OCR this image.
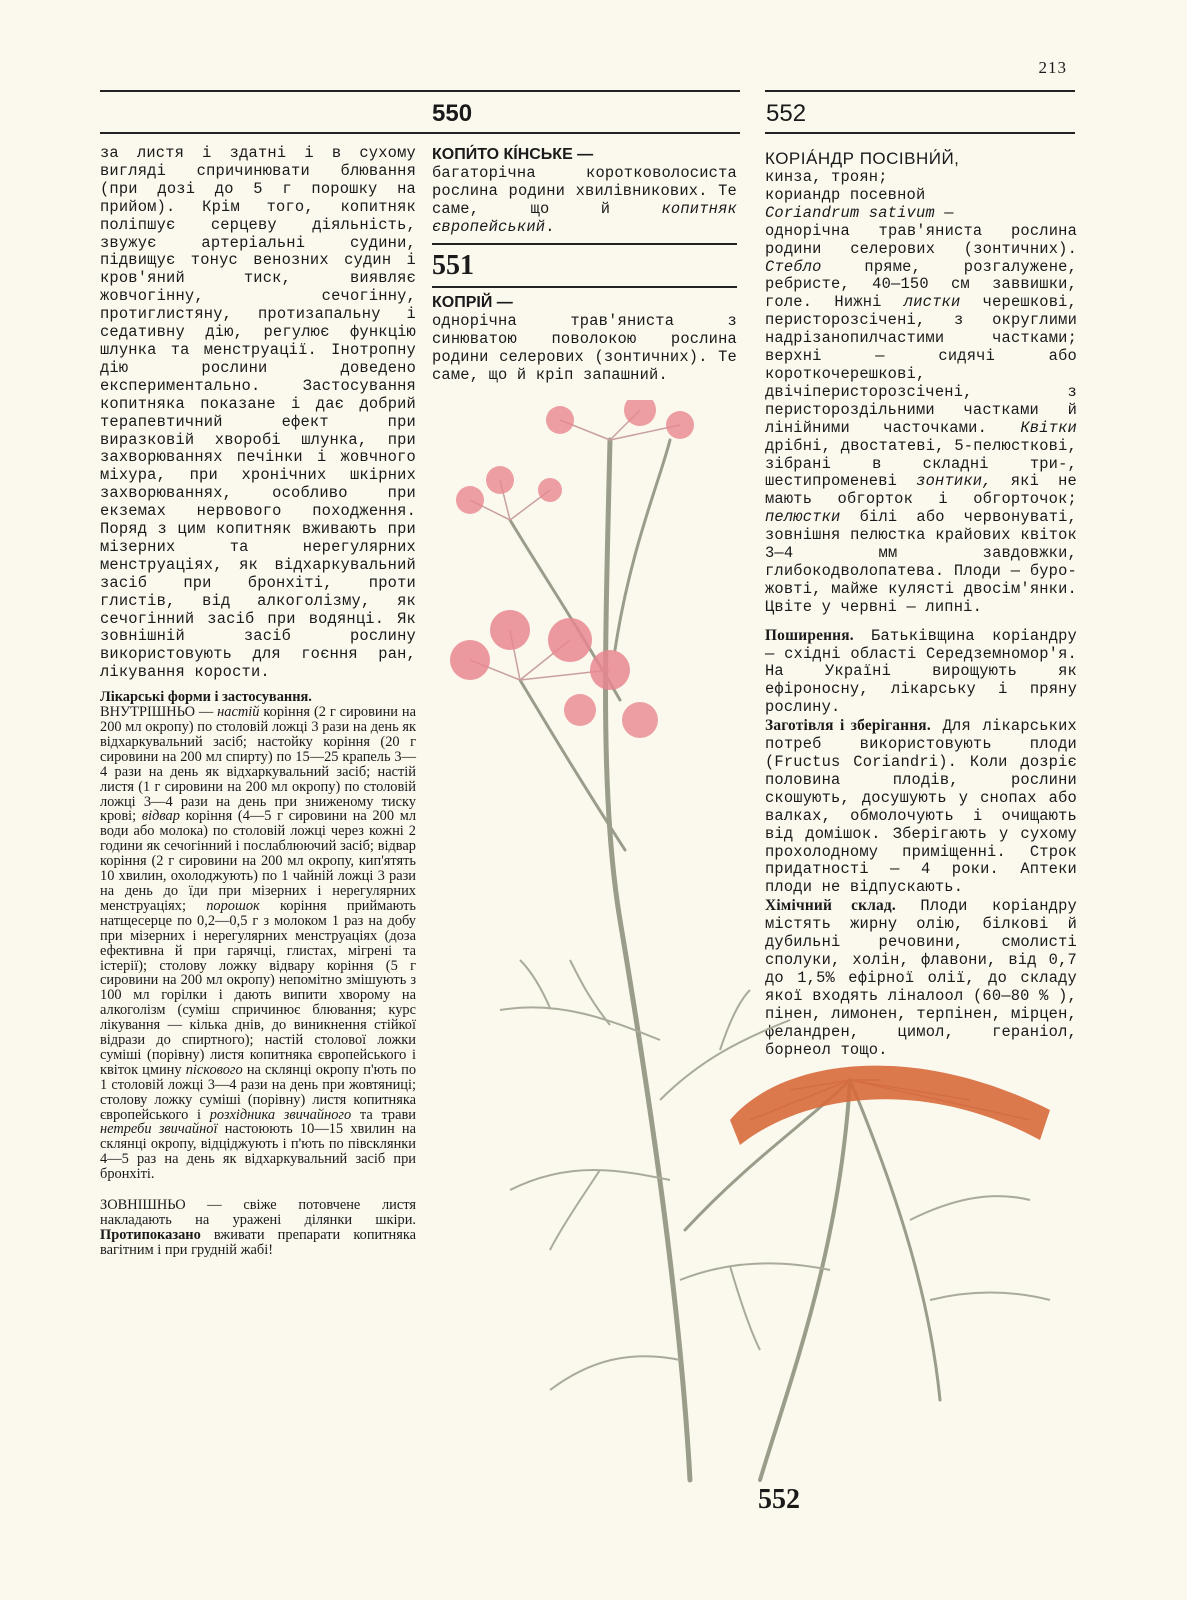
213
550	552

за листя і здатні і в сухому вигляді спричинювати блювання (при дозі до 5 г порошку на прийом). Крім того, копитняк поліпшує серцеву діяльність, звужує артеріальні судини, підвищує тонус венозних судин і кров'яний тиск, виявляє жовчогінну, сечогінну, протиглистяну, протизапальну і седативну дію, регулює функцію шлунка та менструації. Інотропну дію рослини доведено експериментально. Застосування копитняка показане і дає добрий терапевтичний ефект при виразковій хворобі шлунка, при захворюваннях печінки і жовчного міхура, при хронічних шкірних захворюваннях, особливо при екземах нервового походження. Поряд з цим копитняк вживають при мізерних та нерегулярних менструаціях, як відхаркувальний засіб при бронхіті, проти глистів, від алкоголізму, як сечогінний засіб при водянці. Як зовнішній засіб рослину використовують для гоєння ран, лікування корости.

Лікарські форми і застосування.

ВНУТРІШНЬО — настій коріння (2 г сировини на 200 мл окропу) по столовій ложці 3 рази на день як відхаркувальний засіб; настойку коріння (20 г сировини на 200 мл спирту) по 15—25 крапель 3—4 рази на день як відхаркувальний засіб; настій листя (1 г сировини на 200 мл окропу) по столовій ложці 3—4 рази на день при зниженому тиску крові; відвар коріння (4—5 г сировини на 200 мл води або молока) по столовій ложці через кожні 2 години як сечогінний і послаблюючий засіб; відвар коріння (2 г сировини на 200 мл окропу, кип'ятять 10 хвилин, охолоджують) по 1 чайній ложці 3 рази на день до їди при мізерних і нерегулярних менструаціях; порошок коріння приймають натщесерце по 0,2—0,5 г з молоком 1 раз на добу при мізерних і нерегулярних менструаціях (доза ефективна й при гарячці, глистах, мігрені та істерії); столову ложку відвару коріння (5 г сировини на 200 мл окропу) непомітно змішують з 100 мл горілки і дають випити хворому на алкоголізм (суміш спричинює блювання; курс лікування — кілька днів, до виникнення стійкої відрази до спиртного); настій столової ложки суміші (порівну) листя копитняка європейського і квіток цмину піскового на склянці окропу п'ють по 1 столовій ложці 3—4 рази на день при жовтяниці; столову ложку суміші (порівну) листя копитняка європейського і розхідника звичайного та трави нетреби звичайної настоюють 10—15 хвилин на склянці окропу, відціджують і п'ють по півсклянки 4—5 раз на день як відхаркувальний засіб при бронхіті.

ЗОВНІШНЬО — свіже потовчене листя накладають на уражені ділянки шкіри. Протипоказано вживати препарати копитняка вагітним і при грудній жабі!

КОПИ́ТО КІ́НСЬКЕ —

багаторічна коротковолосиста рослина родини хвилівникових. Те саме, що й копитняк європейський.

551
КОПРІЙ —

однорічна трав'яниста з синюватою поволокою рослина родини селерових (зонтичних). Те саме, що й кріп запашний.

КОРІА́НДР ПОСІВНИ́Й,
кинза, троян;
кориандр посевной
Coriandrum sativum —

однорічна трав'яниста рослина родини селерових (зонтичних). Стебло пряме, розгалужене, ребристе, 40—150 см заввишки, голе. Нижні листки черешкові, перисторозсічені, з округлими надрізанопилчастими частками; верхні — сидячі або короткочерешкові, двічіперисторозсічені, з перисторoздільними частками й лінійними часточками. Квітки дрібні, двостатеві, 5-пелюсткові, зібрані в складні три-, шестипроменеві зонтики, які не мають обгорток і обгорточок; пелюстки білі або червонуваті, зовнішня пелюстка крайових квіток 3—4 мм завдовжки, глибокодволопатева. Плоди — буро-жовті, майже кулясті двосім'янки. Цвіте у червні — липні.

Поширення. Батьківщина коріандру — східні області Середземномор'я. На Україні вирощують як ефіроносну, лікарську і пряну рослину.

Заготівля і зберігання. Для лікарських потреб використовують плоди (Fructus Coriandri). Коли дозріє половина плодів, рослини скошують, досушують у снопах або валках, обмолочують і очищають від домішок. Зберігають у сухому прохолодному приміщенні. Строк придатності — 4 роки. Аптеки плоди не відпускають.

Хімічний склад. Плоди коріандру містять жирну олію, білкові й дубильні речовини, смолисті сполуки, холін, флавони, від 0,7 до 1,5% ефірної олії, до складу якої входять ліналоол (60—80 % ), пінен, лимонен, терпінен, мірцен, феландрен, цимол, геранiол, борнеол тощо.

552
